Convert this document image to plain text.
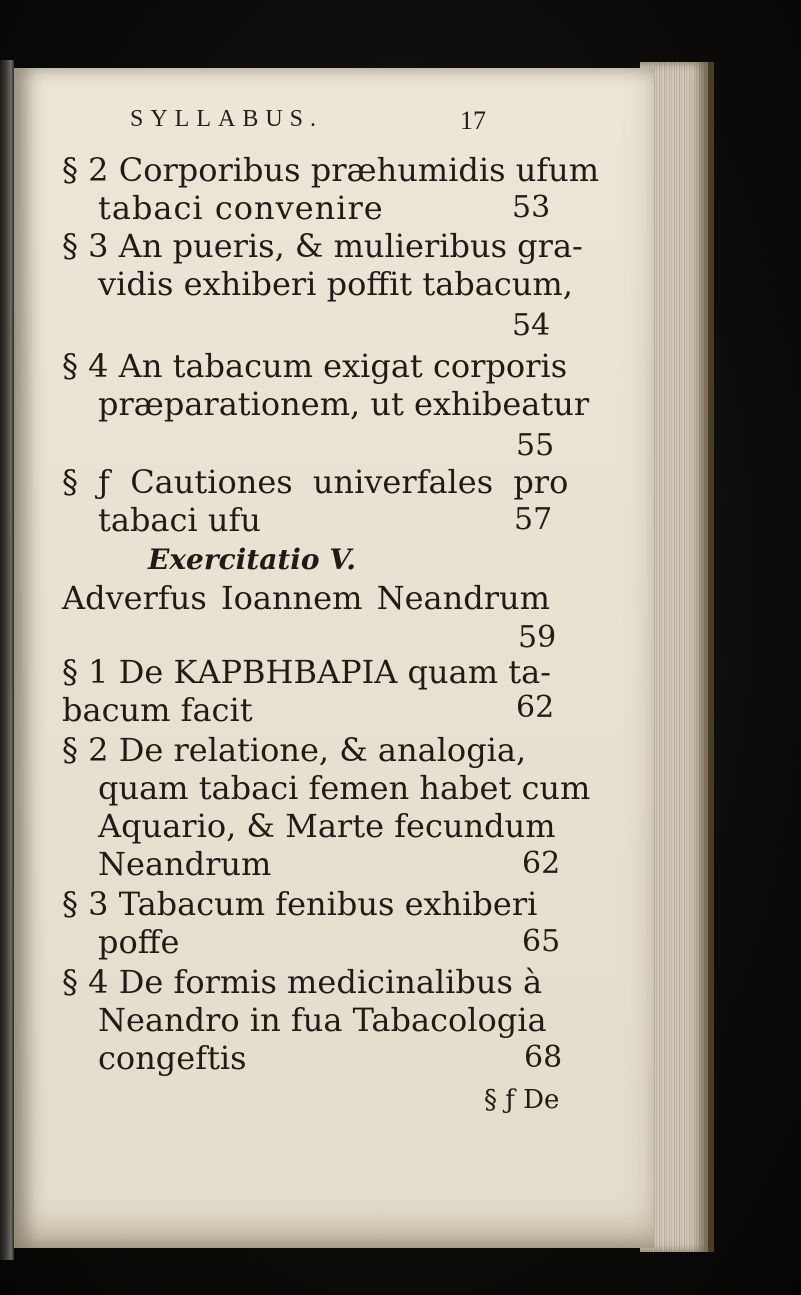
SYLLABUS.	17
§ 2 Corporibus præhumidis ufum
tabaci convenire	53
§ 3 An pueris, & mulieribus gra-
vidis exhiberi poffit tabacum,
54
§ 4 An tabacum exigat corporis
præparationem, ut exhibeatur
55
§ ƒ Cautiones univerfales pro
tabaci ufu	57
Exercitatio V.
Adverfus Ioannem Neandrum
59
§ 1 De ΚΑΡΒΗΒΑΡΙΑ quam ta-
bacum facit	62
§ 2 De relatione, & analogia,
quam tabaci femen habet cum
Aquario, & Marte fecundum
Neandrum	62
§ 3 Tabacum fenibus exhiberi
poffe	65
§ 4 De formis medicinalibus à
Neandro in fua Tabacologia
congeftis	68
§ ƒ De
